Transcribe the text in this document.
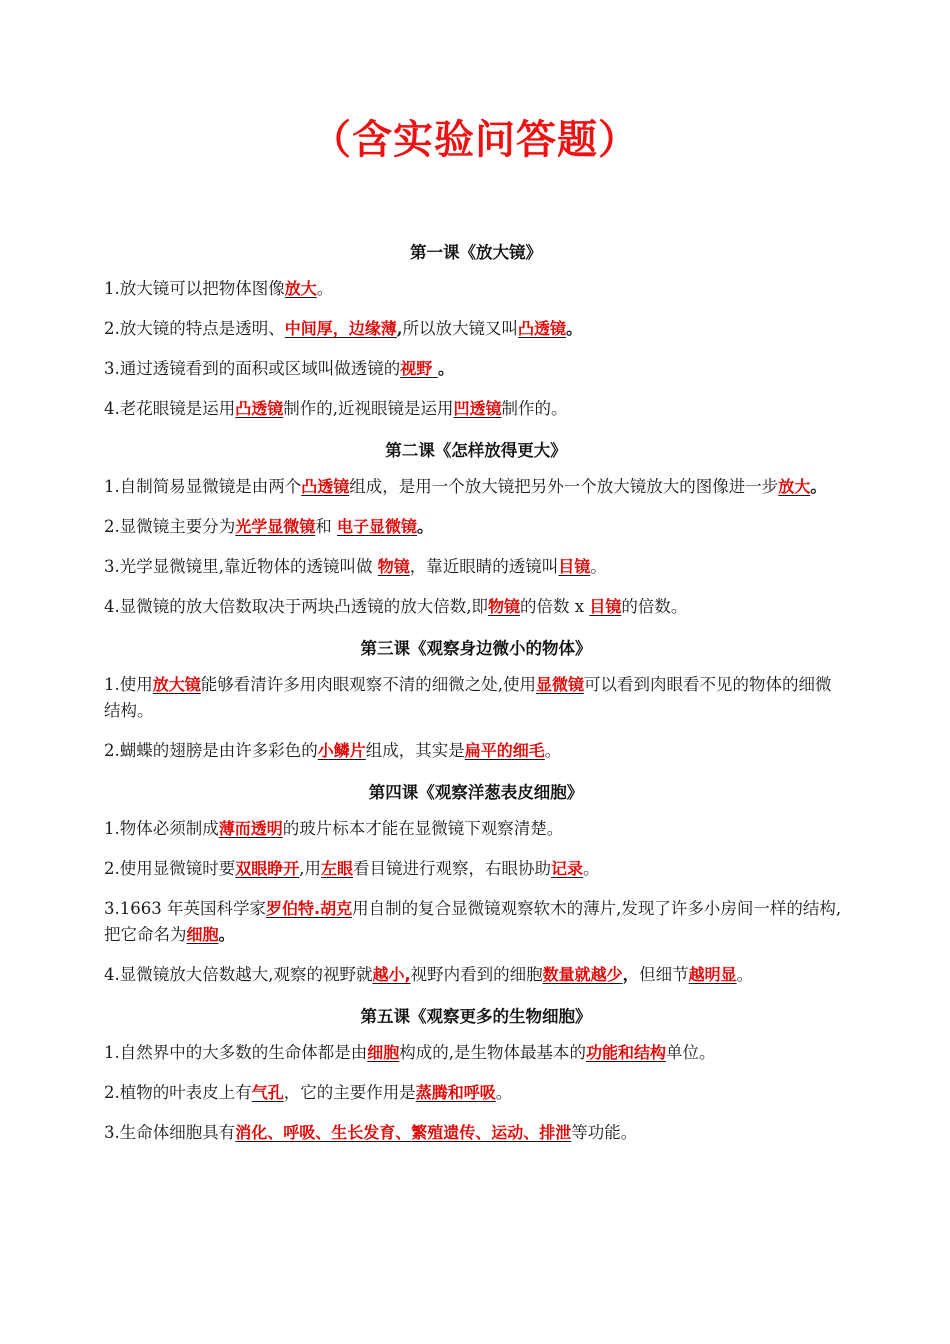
（含实验问答题）
第一课《放大镜》
1.放大镜可以把物体图像放大。
2.放大镜的特点是透明、中间厚，边缘薄,所以放大镜又叫凸透镜。
3.通过透镜看到的面积或区域叫做透镜的视野 。
4.老花眼镜是运用凸透镜制作的,近视眼镜是运用凹透镜制作的。
第二课《怎样放得更大》
1.自制简易显微镜是由两个凸透镜组成，是用一个放大镜把另外一个放大镜放大的图像进一步放大。
2.显微镜主要分为光学显微镜和 电子显微镜。
3.光学显微镜里,靠近物体的透镜叫做 物镜，靠近眼睛的透镜叫目镜。
4.显微镜的放大倍数取决于两块凸透镜的放大倍数,即物镜的倍数 x 目镜的倍数。
第三课《观察身边微小的物体》
1.使用放大镜能够看清许多用肉眼观察不清的细微之处,使用显微镜可以看到肉眼看不见的物体的细微结构。
2.蝴蝶的翅膀是由许多彩色的小鳞片组成，其实是扁平的细毛。
第四课《观察洋葱表皮细胞》
1.物体必须制成薄而透明的玻片标本才能在显微镜下观察清楚。
2.使用显微镜时要双眼睁开,用左眼看目镜进行观察，右眼协助记录。
3.1663 年英国科学家罗伯特.胡克用自制的复合显微镜观察软木的薄片,发现了许多小房间一样的结构,把它命名为细胞。
4.显微镜放大倍数越大,观察的视野就越小,视野内看到的细胞数量就越少，但细节越明显。
第五课《观察更多的生物细胞》
1.自然界中的大多数的生命体都是由细胞构成的,是生物体最基本的功能和结构单位。
2.植物的叶表皮上有气孔，它的主要作用是蒸腾和呼吸。
3.生命体细胞具有消化、呼吸、生长发育、繁殖遗传、运动、排泄等功能。
